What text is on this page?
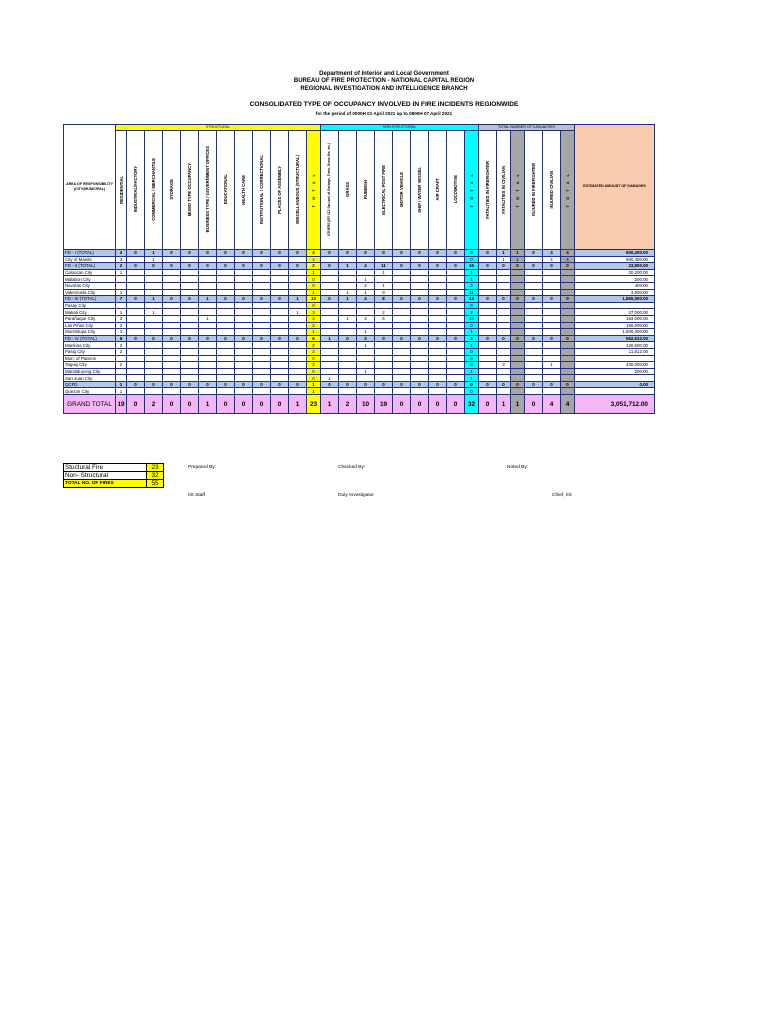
Department of Interior and Local Government
BUREAU OF FIRE PROTECTION - NATIONAL CAPITAL REGION
REGIONAL INVESTIGATION AND INTELLIGENCE BRANCH
CONSOLIDATED TYPE OF OCCUPANCY INVOLVED IN FIRE INCIDENTS REGIONWIDE
for the period of 0000H 01 April 2021 up to 0800H 07 April 2021
AREA OF RESPONSIBILITY (CITY/MUNICIPAL)	STRUCTURAL												NON STRUCTURAL									TOTAL NUMBER OF CASUALTIES						ESTIMATED AMOUNT OF DAMAGES
	RESIDENTIAL	INDUSTRIAL/FACTORY	COMMERCIAL / MERCHANTILE	STORAGE	MIXED TYPE OCCUPANCY	BUSINESS TYPE / GOVERNMENT OFFICES	EDUCATIONAL	HEALTH CARE	INSTITUTIONAL / CORRECTIONAL	PLACES OF ASSEMBLY	MISCELLANEOUS (STRUCTURAL)	T O T A L	OTHERS (EF/ CC/ Sari-sari of Garbage, Trees, Grass fire, etc.)	GRASS	RUBBISH	ELECTRICAL POST FIRE	MOTOR VEHICLE	SHIP / WATER VESSEL	AIR CRAFT	LOCOMOTIVE	T O T A L	FATALITIES IN FIREFIGHTER	FATALITIES IN CIVILIAN	T O T A L	INJURED IN FIREFIGHTER	INJURED CIVILIAN	T O T A L	
FD - I (TOTAL)	3	0	1	0	0	0	0	0	0	0	0	4	0	0	0	0	0	0	0	0	0	0	1	1	0	4	4	600,400.00
City of Manila	3		1									4									0		1	1		4	4	600,400.00
FD - II (TOTAL)	2	0	0	0	0	0	0	0	0	0	0	2	0	1	4	11	0	0	0	0	16	0	0	0	0	0	0	23,800.00
Caloocan City	1											1				1					1							20,200.00
Malabon City												0			1						1							200.00
Navotas City												0			2	1					3							400.00
Valenzuela City	1											1		1	1	9					11							3,000.00
FD - III (TOTAL)	7	0	1	0	0	1	0	0	0	0	1	10	0	1	4	8	0	0	0	0	13	0	0	0	0	0	0	1,865,000.00
Pasay City												0									0							
Makati City	1		1								1	3				2					2							27,000.00
Parañaque City	3					1						4		1	3	6					10							183,000.00
Las Piñas City	2											2									0							155,000.00
Muntinlupa City	1											1			1						1							1,500,000.00
FD - IV (TOTAL)	6	0	0	0	0	0	0	0	0	0	0	6	1	0	2	0	0	0	0	0	3	0	0	0	0	0	0	562,512.00
Marikina City	2											2			1						1							120,500.00
Pasig City	2											2									0							11,812.00
Mun. of Pateros												0									0							
Taguig City	2											2									0		3			1		430,000.00
Mandaluyong City												0			1						1							200.00
San Juan City												0	1								1							
QCFD	1	0	0	0	0	0	0	0	0	0	0	1	0	0	0	0	0	0	0	0	0	0	0	0	0	0	0	0.00
Quezon City	1											1									0							
GRAND TOTAL	19	0	2	0	0	1	0	0	0	0	1	23	1	2	10	19	0	0	0	0	32	0	1	1	0	4	4	3,051,712.00
Stuctural Fire	23
Non- Structural	32
TOTAL NO. OF FIRES	55
Prepared By:	Checked By:	Noted By:
IIS Staff	Duty Investigator	Chief, IIS
